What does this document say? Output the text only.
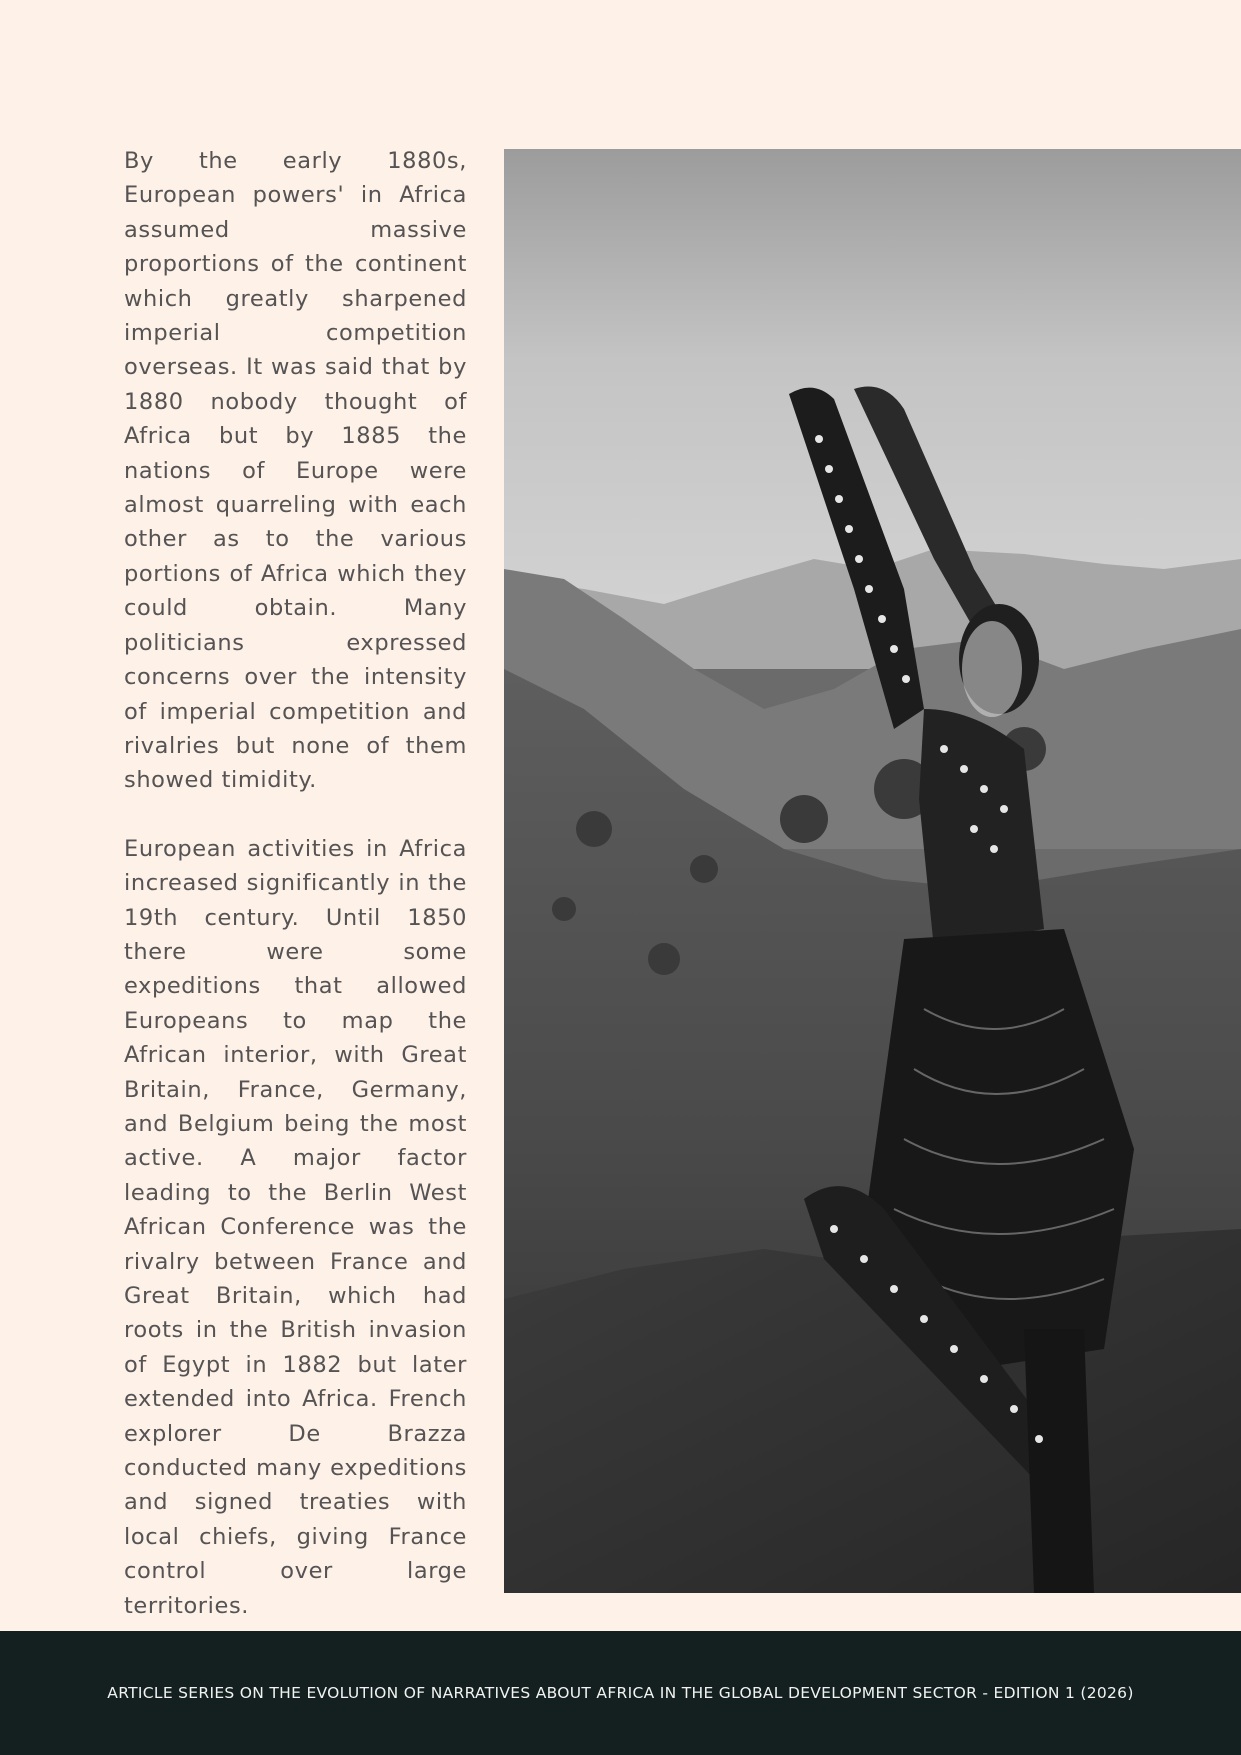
By the early 1880s, European powers' in Africa assumed massive proportions of the continent which greatly sharpened imperial competition overseas. It was said that by 1880 nobody thought of Africa but by 1885 the nations of Europe were almost quarreling with each other as to the various portions of Africa which they could obtain. Many politicians expressed concerns over the intensity of imperial competition and rivalries but none of them showed timidity.

European activities in Africa increased significantly in the 19th century. Until 1850 there were some expeditions that allowed Europeans to map the African interior, with Great Britain, France, Germany, and Belgium being the most active. A major factor leading to the Berlin West African Conference was the rivalry between France and Great Britain, which had roots in the British invasion of Egypt in 1882 but later extended into Africa. French explorer De Brazza conducted many expeditions and signed treaties with local chiefs, giving France control over large territories.

ARTICLE SERIES ON THE EVOLUTION OF NARRATIVES ABOUT AFRICA IN THE GLOBAL DEVELOPMENT SECTOR - EDITION 1 (2026)
